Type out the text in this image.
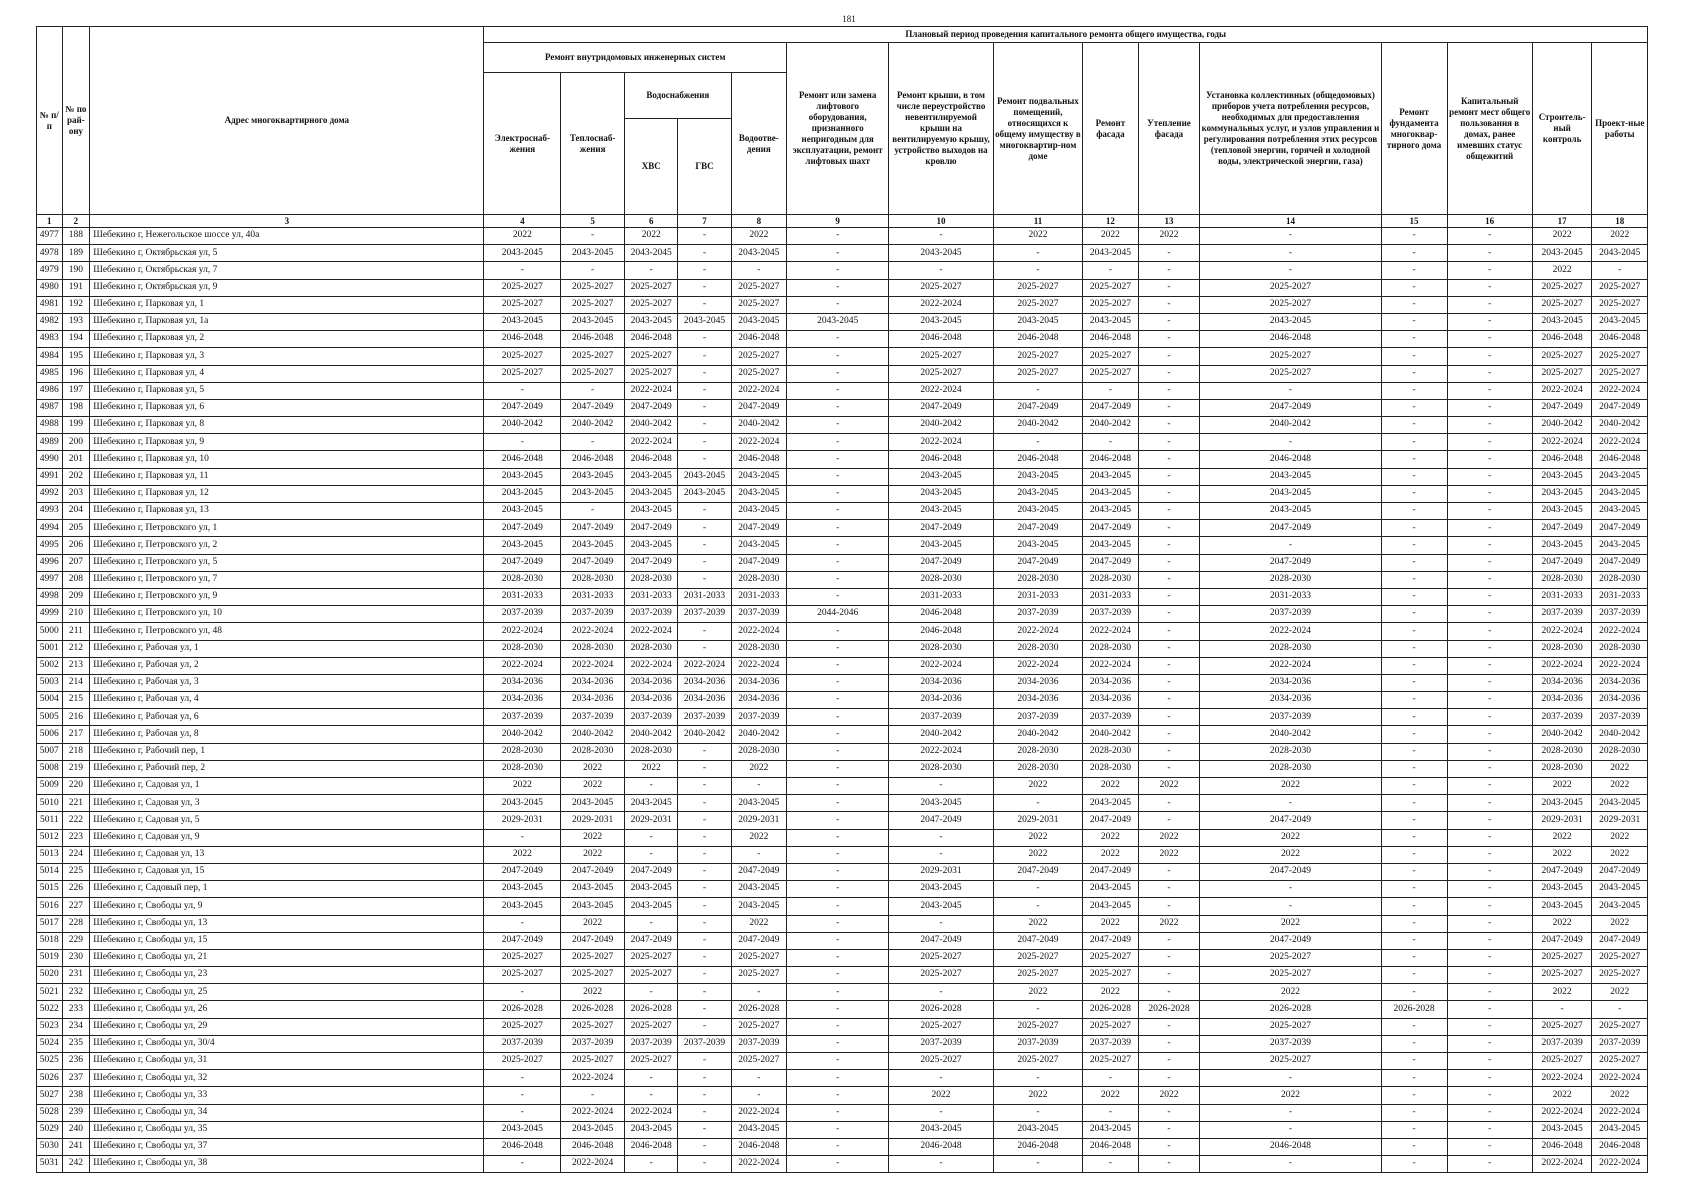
181
№ п/п	№ по рай-ону	Адрес многоквартирного дома	Плановый период проведения капитального ремонта общего имущества, годы														
			Ремонт внутридомовых инженерных систем					Ремонт или замена лифтового оборудования, признанного непригодным для эксплуатации, ремонт лифтовых шахт	Ремонт крыши, в том числе переустройство невентилируемой крыши на вентилируемую крышу, устройство выходов на кровлю	Ремонт подвальных помещений, относящихся к общему имуществу в многоквартир-ном доме	Ремонт фасада	Утепление фасада	Установка коллективных (общедомовых) приборов учета потребления ресурсов, необходимых для предоставления коммунальных услуг, и узлов управления и регулирования потребления этих ресурсов (тепловой энергии, горячей и холодной воды, электрической энергии, газа)	Ремонт фундамента многоквар-тирного дома	Капитальный ремонт мест общего пользования в домах, ранее имевших статус общежитий	Строитель-ный контроль	Проект-ные работы
			Электроснаб-жения	Теплоснаб-жения	Водоснабжения		Водоотве-дения										
					ХВС	ГВС											
1	2	3	4	5	6	7	8	9	10	11	12	13	14	15	16	17	18
4977	188	Шебекино г, Нежегольское шоссе ул, 40а	2022	-	2022	-	2022	-	-	2022	2022	2022	-	-	-	2022	2022
4978	189	Шебекино г, Октябрьская ул, 5	2043-2045	2043-2045	2043-2045	-	2043-2045	-	2043-2045	-	2043-2045	-	-	-	-	2043-2045	2043-2045
4979	190	Шебекино г, Октябрьская ул, 7	-	-	-	-	-	-	-	-	-	-	-	-	-	2022	-
4980	191	Шебекино г, Октябрьская ул, 9	2025-2027	2025-2027	2025-2027	-	2025-2027	-	2025-2027	2025-2027	2025-2027	-	2025-2027	-	-	2025-2027	2025-2027
4981	192	Шебекино г, Парковая ул, 1	2025-2027	2025-2027	2025-2027	-	2025-2027	-	2022-2024	2025-2027	2025-2027	-	2025-2027	-	-	2025-2027	2025-2027
4982	193	Шебекино г, Парковая ул, 1а	2043-2045	2043-2045	2043-2045	2043-2045	2043-2045	2043-2045	2043-2045	2043-2045	2043-2045	-	2043-2045	-	-	2043-2045	2043-2045
4983	194	Шебекино г, Парковая ул, 2	2046-2048	2046-2048	2046-2048	-	2046-2048	-	2046-2048	2046-2048	2046-2048	-	2046-2048	-	-	2046-2048	2046-2048
4984	195	Шебекино г, Парковая ул, 3	2025-2027	2025-2027	2025-2027	-	2025-2027	-	2025-2027	2025-2027	2025-2027	-	2025-2027	-	-	2025-2027	2025-2027
4985	196	Шебекино г, Парковая ул, 4	2025-2027	2025-2027	2025-2027	-	2025-2027	-	2025-2027	2025-2027	2025-2027	-	2025-2027	-	-	2025-2027	2025-2027
4986	197	Шебекино г, Парковая ул, 5	-	-	2022-2024	-	2022-2024	-	2022-2024	-	-	-	-	-	-	2022-2024	2022-2024
4987	198	Шебекино г, Парковая ул, 6	2047-2049	2047-2049	2047-2049	-	2047-2049	-	2047-2049	2047-2049	2047-2049	-	2047-2049	-	-	2047-2049	2047-2049
4988	199	Шебекино г, Парковая ул, 8	2040-2042	2040-2042	2040-2042	-	2040-2042	-	2040-2042	2040-2042	2040-2042	-	2040-2042	-	-	2040-2042	2040-2042
4989	200	Шебекино г, Парковая ул, 9	-	-	2022-2024	-	2022-2024	-	2022-2024	-	-	-	-	-	-	2022-2024	2022-2024
4990	201	Шебекино г, Парковая ул, 10	2046-2048	2046-2048	2046-2048	-	2046-2048	-	2046-2048	2046-2048	2046-2048	-	2046-2048	-	-	2046-2048	2046-2048
4991	202	Шебекино г, Парковая ул, 11	2043-2045	2043-2045	2043-2045	2043-2045	2043-2045	-	2043-2045	2043-2045	2043-2045	-	2043-2045	-	-	2043-2045	2043-2045
4992	203	Шебекино г, Парковая ул, 12	2043-2045	2043-2045	2043-2045	2043-2045	2043-2045	-	2043-2045	2043-2045	2043-2045	-	2043-2045	-	-	2043-2045	2043-2045
4993	204	Шебекино г, Парковая ул, 13	2043-2045	-	2043-2045	-	2043-2045	-	2043-2045	2043-2045	2043-2045	-	2043-2045	-	-	2043-2045	2043-2045
4994	205	Шебекино г, Петровского ул, 1	2047-2049	2047-2049	2047-2049	-	2047-2049	-	2047-2049	2047-2049	2047-2049	-	2047-2049	-	-	2047-2049	2047-2049
4995	206	Шебекино г, Петровского ул, 2	2043-2045	2043-2045	2043-2045	-	2043-2045	-	2043-2045	2043-2045	2043-2045	-	-	-	-	2043-2045	2043-2045
4996	207	Шебекино г, Петровского ул, 5	2047-2049	2047-2049	2047-2049	-	2047-2049	-	2047-2049	2047-2049	2047-2049	-	2047-2049	-	-	2047-2049	2047-2049
4997	208	Шебекино г, Петровского ул, 7	2028-2030	2028-2030	2028-2030	-	2028-2030	-	2028-2030	2028-2030	2028-2030	-	2028-2030	-	-	2028-2030	2028-2030
4998	209	Шебекино г, Петровского ул, 9	2031-2033	2031-2033	2031-2033	2031-2033	2031-2033	-	2031-2033	2031-2033	2031-2033	-	2031-2033	-	-	2031-2033	2031-2033
4999	210	Шебекино г, Петровского ул, 10	2037-2039	2037-2039	2037-2039	2037-2039	2037-2039	2044-2046	2046-2048	2037-2039	2037-2039	-	2037-2039	-	-	2037-2039	2037-2039
5000	211	Шебекино г, Петровского ул, 48	2022-2024	2022-2024	2022-2024	-	2022-2024	-	2046-2048	2022-2024	2022-2024	-	2022-2024	-	-	2022-2024	2022-2024
5001	212	Шебекино г, Рабочая ул, 1	2028-2030	2028-2030	2028-2030	-	2028-2030	-	2028-2030	2028-2030	2028-2030	-	2028-2030	-	-	2028-2030	2028-2030
5002	213	Шебекино г, Рабочая ул, 2	2022-2024	2022-2024	2022-2024	2022-2024	2022-2024	-	2022-2024	2022-2024	2022-2024	-	2022-2024	-	-	2022-2024	2022-2024
5003	214	Шебекино г, Рабочая ул, 3	2034-2036	2034-2036	2034-2036	2034-2036	2034-2036	-	2034-2036	2034-2036	2034-2036	-	2034-2036	-	-	2034-2036	2034-2036
5004	215	Шебекино г, Рабочая ул, 4	2034-2036	2034-2036	2034-2036	2034-2036	2034-2036	-	2034-2036	2034-2036	2034-2036	-	2034-2036	-	-	2034-2036	2034-2036
5005	216	Шебекино г, Рабочая ул, 6	2037-2039	2037-2039	2037-2039	2037-2039	2037-2039	-	2037-2039	2037-2039	2037-2039	-	2037-2039	-	-	2037-2039	2037-2039
5006	217	Шебекино г, Рабочая ул, 8	2040-2042	2040-2042	2040-2042	2040-2042	2040-2042	-	2040-2042	2040-2042	2040-2042	-	2040-2042	-	-	2040-2042	2040-2042
5007	218	Шебекино г, Рабочий пер, 1	2028-2030	2028-2030	2028-2030	-	2028-2030	-	2022-2024	2028-2030	2028-2030	-	2028-2030	-	-	2028-2030	2028-2030
5008	219	Шебекино г, Рабочий пер, 2	2028-2030	2022	2022	-	2022	-	2028-2030	2028-2030	2028-2030	-	2028-2030	-	-	2028-2030	2022
5009	220	Шебекино г, Садовая ул, 1	2022	2022	-	-	-	-	-	2022	2022	2022	2022	-	-	2022	2022
5010	221	Шебекино г, Садовая ул, 3	2043-2045	2043-2045	2043-2045	-	2043-2045	-	2043-2045	-	2043-2045	-	-	-	-	2043-2045	2043-2045
5011	222	Шебекино г, Садовая ул, 5	2029-2031	2029-2031	2029-2031	-	2029-2031	-	2047-2049	2029-2031	2047-2049	-	2047-2049	-	-	2029-2031	2029-2031
5012	223	Шебекино г, Садовая ул, 9	-	2022	-	-	2022	-	-	2022	2022	2022	2022	-	-	2022	2022
5013	224	Шебекино г, Садовая ул, 13	2022	2022	-	-	-	-	-	2022	2022	2022	2022	-	-	2022	2022
5014	225	Шебекино г, Садовая ул, 15	2047-2049	2047-2049	2047-2049	-	2047-2049	-	2029-2031	2047-2049	2047-2049	-	2047-2049	-	-	2047-2049	2047-2049
5015	226	Шебекино г, Садовый пер, 1	2043-2045	2043-2045	2043-2045	-	2043-2045	-	2043-2045	-	2043-2045	-	-	-	-	2043-2045	2043-2045
5016	227	Шебекино г, Свободы ул, 9	2043-2045	2043-2045	2043-2045	-	2043-2045	-	2043-2045	-	2043-2045	-	-	-	-	2043-2045	2043-2045
5017	228	Шебекино г, Свободы ул, 13	-	2022	-	-	2022	-	-	2022	2022	2022	2022	-	-	2022	2022
5018	229	Шебекино г, Свободы ул, 15	2047-2049	2047-2049	2047-2049	-	2047-2049	-	2047-2049	2047-2049	2047-2049	-	2047-2049	-	-	2047-2049	2047-2049
5019	230	Шебекино г, Свободы ул, 21	2025-2027	2025-2027	2025-2027	-	2025-2027	-	2025-2027	2025-2027	2025-2027	-	2025-2027	-	-	2025-2027	2025-2027
5020	231	Шебекино г, Свободы ул, 23	2025-2027	2025-2027	2025-2027	-	2025-2027	-	2025-2027	2025-2027	2025-2027	-	2025-2027	-	-	2025-2027	2025-2027
5021	232	Шебекино г, Свободы ул, 25	-	2022	-	-	-	-	-	2022	2022	-	2022	-	-	2022	2022
5022	233	Шебекино г, Свободы ул, 26	2026-2028	2026-2028	2026-2028	-	2026-2028	-	2026-2028	-	2026-2028	2026-2028	2026-2028	2026-2028	-	-	-
5023	234	Шебекино г, Свободы ул, 29	2025-2027	2025-2027	2025-2027	-	2025-2027	-	2025-2027	2025-2027	2025-2027	-	2025-2027	-	-	2025-2027	2025-2027
5024	235	Шебекино г, Свободы ул, 30/4	2037-2039	2037-2039	2037-2039	2037-2039	2037-2039	-	2037-2039	2037-2039	2037-2039	-	2037-2039	-	-	2037-2039	2037-2039
5025	236	Шебекино г, Свободы ул, 31	2025-2027	2025-2027	2025-2027	-	2025-2027	-	2025-2027	2025-2027	2025-2027	-	2025-2027	-	-	2025-2027	2025-2027
5026	237	Шебекино г, Свободы ул, 32	-	2022-2024	-	-	-	-	-	-	-	-	-	-	-	2022-2024	2022-2024
5027	238	Шебекино г, Свободы ул, 33	-	-	-	-	-	-	2022	2022	2022	2022	2022	-	-	2022	2022
5028	239	Шебекино г, Свободы ул, 34	-	2022-2024	2022-2024	-	2022-2024	-	-	-	-	-	-	-	-	2022-2024	2022-2024
5029	240	Шебекино г, Свободы ул, 35	2043-2045	2043-2045	2043-2045	-	2043-2045	-	2043-2045	2043-2045	2043-2045	-	-	-	-	2043-2045	2043-2045
5030	241	Шебекино г, Свободы ул, 37	2046-2048	2046-2048	2046-2048	-	2046-2048	-	2046-2048	2046-2048	2046-2048	-	2046-2048	-	-	2046-2048	2046-2048
5031	242	Шебекино г, Свободы ул, 38	-	2022-2024	-	-	2022-2024	-	-	-	-	-	-	-	-	2022-2024	2022-2024
